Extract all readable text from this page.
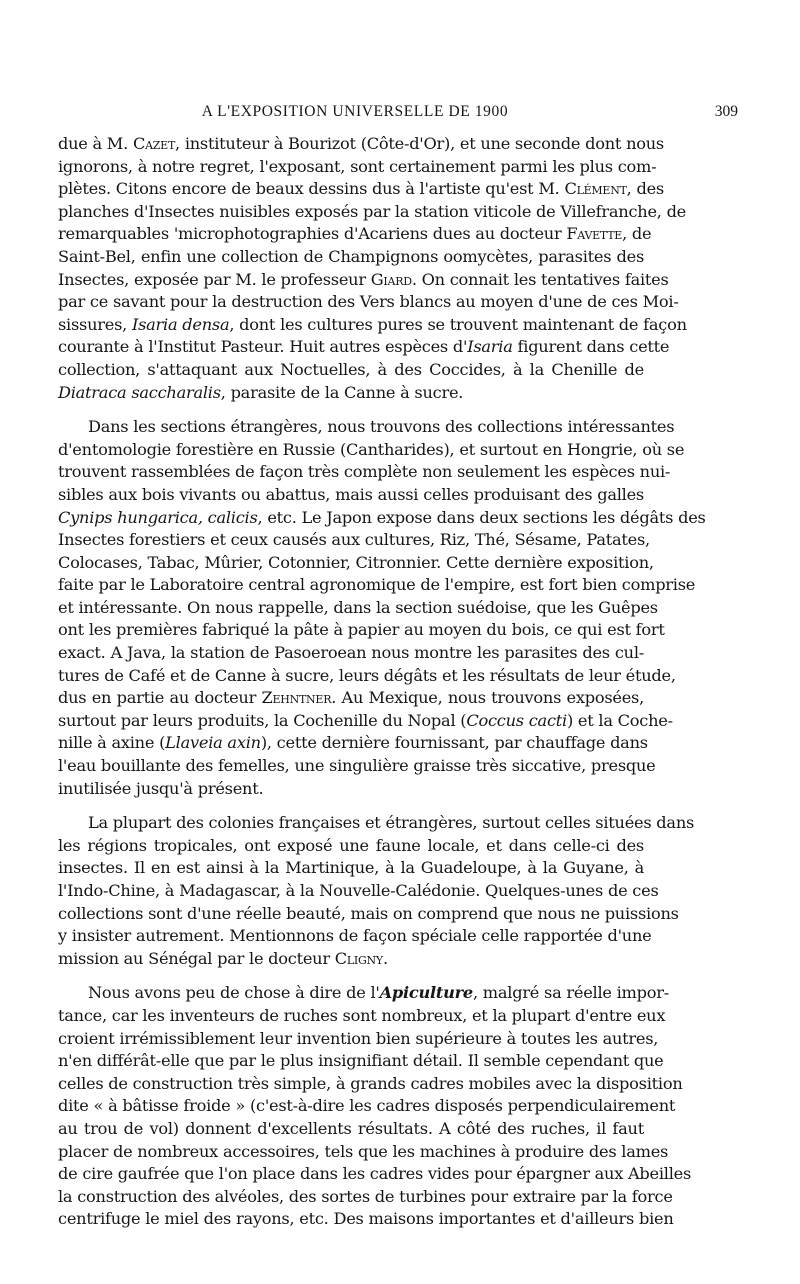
A L'EXPOSITION UNIVERSELLE DE 1900	309

due à M. Cazet, instituteur à Bourizot (Côte-d'Or), et une seconde dont nous
ignorons, à notre regret, l'exposant, sont certainement parmi les plus com-
plètes. Citons encore de beaux dessins dus à l'artiste qu'est M. Clément, des
planches d'Insectes nuisibles exposés par la station viticole de Villefranche, de
remarquables 'microphotographies d'Acariens dues au docteur Favette, de
Saint-Bel, enfin une collection de Champignons oomycètes, parasites des
Insectes, exposée par M. le professeur Giard. On connait les tentatives faites
par ce savant pour la destruction des Vers blancs au moyen d'une de ces Moi-
sissures, Isaria densa, dont les cultures pures se trouvent maintenant de façon
courante à l'Institut Pasteur. Huit autres espèces d'Isaria figurent dans cette
collection, s'attaquant aux Noctuelles, à des Coccides, à la Chenille de
Diatraca saccharalis, parasite de la Canne à sucre.

Dans les sections étrangères, nous trouvons des collections intéressantes
d'entomologie forestière en Russie (Cantharides), et surtout en Hongrie, où se
trouvent rassemblées de façon très complète non seulement les espèces nui-
sibles aux bois vivants ou abattus, mais aussi celles produisant des galles
Cynips hungarica, calicis, etc. Le Japon expose dans deux sections les dégâts des
Insectes forestiers et ceux causés aux cultures, Riz, Thé, Sésame, Patates,
Colocases, Tabac, Mûrier, Cotonnier, Citronnier. Cette dernière exposition,
faite par le Laboratoire central agronomique de l'empire, est fort bien comprise
et intéressante. On nous rappelle, dans la section suédoise, que les Guêpes
ont les premières fabriqué la pâte à papier au moyen du bois, ce qui est fort
exact. A Java, la station de Pasoeroean nous montre les parasites des cul-
tures de Café et de Canne à sucre, leurs dégâts et les résultats de leur étude,
dus en partie au docteur Zehntner. Au Mexique, nous trouvons exposées,
surtout par leurs produits, la Cochenille du Nopal (Coccus cacti) et la Coche-
nille à axine (Llaveia axin), cette dernière fournissant, par chauffage dans
l'eau bouillante des femelles, une singulière graisse très siccative, presque
inutilisée jusqu'à présent.

La plupart des colonies françaises et étrangères, surtout celles situées dans
les régions tropicales, ont exposé une faune locale, et dans celle-ci des
insectes. Il en est ainsi à la Martinique, à la Guadeloupe, à la Guyane, à
l'Indo-Chine, à Madagascar, à la Nouvelle-Calédonie. Quelques-unes de ces
collections sont d'une réelle beauté, mais on comprend que nous ne puissions
y insister autrement. Mentionnons de façon spéciale celle rapportée d'une
mission au Sénégal par le docteur Cligny.

Nous avons peu de chose à dire de l'Apiculture, malgré sa réelle impor-
tance, car les inventeurs de ruches sont nombreux, et la plupart d'entre eux
croient irrémissiblement leur invention bien supérieure à toutes les autres,
n'en différât-elle que par le plus insignifiant détail. Il semble cependant que
celles de construction très simple, à grands cadres mobiles avec la disposition
dite « à bâtisse froide » (c'est-à-dire les cadres disposés perpendiculairement
au trou de vol) donnent d'excellents résultats. A côté des ruches, il faut
placer de nombreux accessoires, tels que les machines à produire des lames
de cire gaufrée que l'on place dans les cadres vides pour épargner aux Abeilles
la construction des alvéoles, des sortes de turbines pour extraire par la force
centrifuge le miel des rayons, etc. Des maisons importantes et d'ailleurs bien
